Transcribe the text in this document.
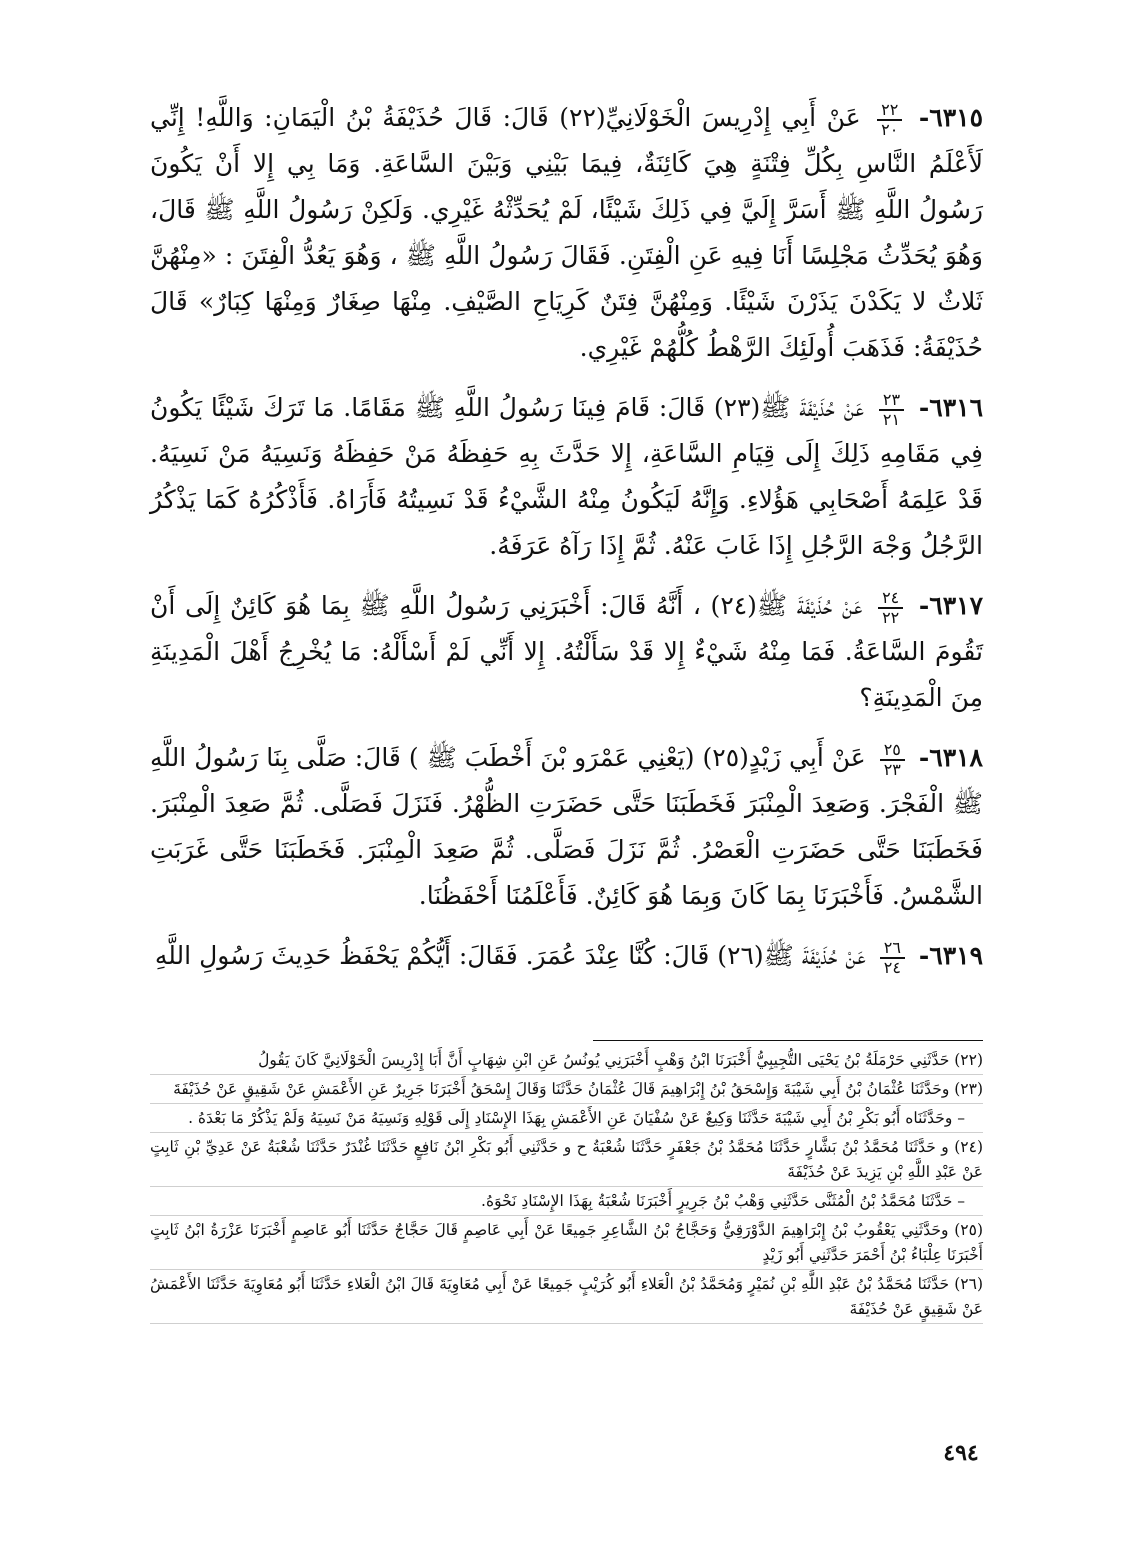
٦٣١٥-
$\frac{٢٢}{٢٠}$
عَنْ أَبِي إِدْرِيسَ الْخَوْلَانِيِّ(٢٢) قَالَ: قَالَ حُذَيْفَةُ بْنُ الْيَمَانِ: وَاللَّهِ! إِنِّي لَأَعْلَمُ النَّاسِ بِكُلِّ فِتْنَةٍ هِيَ كَائِنَةٌ، فِيمَا بَيْنِي وَبَيْنَ السَّاعَةِ. وَمَا بِي إِلا أَنْ يَكُونَ رَسُولُ اللَّهِ ﷺ أَسَرَّ إِلَيَّ فِي ذَلِكَ شَيْئًا، لَمْ يُحَدِّثْهُ غَيْرِي. وَلَكِنْ رَسُولُ اللَّهِ ﷺ قَالَ، وَهُوَ يُحَدِّثُ مَجْلِسًا أَنَا فِيهِ عَنِ الْفِتَنِ. فَقَالَ رَسُولُ اللَّهِ ﷺ ، وَهُوَ يَعُدُّ الْفِتَنَ : «مِنْهُنَّ ثَلاثٌ لا يَكَدْنَ يَذَرْنَ شَيْئًا. وَمِنْهُنَّ فِتَنٌ كَرِيَاحِ الصَّيْفِ. مِنْهَا صِغَارٌ وَمِنْهَا كِبَارٌ» قَالَ حُذَيْفَةُ: فَذَهَبَ أُولَئِكَ الرَّهْطُ كُلُّهُمْ غَيْرِي.

٦٣١٦-
$\frac{٢٣}{٢١}$
عَنْ حُذَيْفَةَ ﷺ(٢٣) قَالَ: قَامَ فِينَا رَسُولُ اللَّهِ ﷺ مَقَامًا. مَا تَرَكَ شَيْئًا يَكُونُ فِي مَقَامِهِ ذَلِكَ إِلَى قِيَامِ السَّاعَةِ، إِلا حَدَّثَ بِهِ حَفِظَهُ مَنْ حَفِظَهُ وَنَسِيَهُ مَنْ نَسِيَهُ. قَدْ عَلِمَهُ أَصْحَابِي هَؤُلاءِ. وَإِنَّهُ لَيَكُونُ مِنْهُ الشَّيْءُ قَدْ نَسِيتُهُ فَأَرَاهُ. فَأَذْكُرُهُ كَمَا يَذْكُرُ الرَّجُلُ وَجْهَ الرَّجُلِ إِذَا غَابَ عَنْهُ. ثُمَّ إِذَا رَآهُ عَرَفَهُ.

٦٣١٧-
$\frac{٢٤}{٢٢}$
عَنْ حُذَيْفَةَ ﷺ(٢٤) ، أَنَّهُ قَالَ: أَخْبَرَنِي رَسُولُ اللَّهِ ﷺ بِمَا هُوَ كَائِنٌ إِلَى أَنْ تَقُومَ السَّاعَةُ. فَمَا مِنْهُ شَيْءٌ إِلا قَدْ سَأَلْتُهُ. إِلا أَنِّي لَمْ أَسْأَلْهُ: مَا يُخْرِجُ أَهْلَ الْمَدِينَةِ مِنَ الْمَدِينَةِ؟

٦٣١٨-
$\frac{٢٥}{٢٣}$
عَنْ أَبِي زَيْدٍ(٢٥) (يَعْنِي عَمْرَو بْنَ أَخْطَبَ ﷺ ) قَالَ: صَلَّى بِنَا رَسُولُ اللَّهِ ﷺ الْفَجْرَ. وَصَعِدَ الْمِنْبَرَ فَخَطَبَنَا حَتَّى حَضَرَتِ الظُّهْرُ. فَنَزَلَ فَصَلَّى. ثُمَّ صَعِدَ الْمِنْبَرَ. فَخَطَبَنَا حَتَّى حَضَرَتِ الْعَصْرُ. ثُمَّ نَزَلَ فَصَلَّى. ثُمَّ صَعِدَ الْمِنْبَرَ. فَخَطَبَنَا حَتَّى غَرَبَتِ الشَّمْسُ. فَأَخْبَرَنَا بِمَا كَانَ وَبِمَا هُوَ كَائِنٌ. فَأَعْلَمُنَا أَحْفَظُنَا.

٦٣١٩-
$\frac{٢٦}{٢٤}$
عَنْ حُذَيْفَةَ ﷺ(٢٦) قَالَ: كُنَّا عِنْدَ عُمَرَ. فَقَالَ: أَيُّكُمْ يَحْفَظُ حَدِيثَ رَسُولِ اللَّهِ

(٢٢) حَدَّثَنِي حَرْمَلَةُ بْنُ يَحْيَى التُّجِيبِيُّ أَخْبَرَنَا ابْنُ وَهْبٍ أَخْبَرَنِي يُونُسُ عَنِ ابْنِ شِهَابٍ أَنَّ أَبَا إِدْرِيسَ الْخَوْلَانِيَّ كَانَ يَقُولُ

(٢٣) وحَدَّثَنَا عُثْمَانُ بْنُ أَبِي شَيْبَةَ وَإِسْحَقُ بْنُ إِبْرَاهِيمَ قَالَ عُثْمَانُ حَدَّثَنَا وَقَالَ إِسْحَقُ أَخْبَرَنَا جَرِيرٌ عَنِ الأَعْمَشِ عَنْ شَقِيقٍ عَنْ حُذَيْفَةَ

– وحَدَّثَنَاه أَبُو بَكْرِ بْنُ أَبِي شَيْبَةَ حَدَّثَنَا وَكِيعٌ عَنْ سُفْيَانَ عَنِ الأَعْمَشِ بِهَذَا الإِسْنَادِ إِلَى قَوْلِهِ وَنَسِيَهُ مَنْ نَسِيَهُ وَلَمْ يَذْكُرْ مَا بَعْدَهُ .

(٢٤) و حَدَّثَنَا مُحَمَّدُ بْنُ بَشَّارٍ حَدَّثَنَا مُحَمَّدُ بْنُ جَعْفَرٍ حَدَّثَنَا شُعْبَةُ ح و حَدَّثَنِي أَبُو بَكْرِ ابْنُ نَافِعٍ حَدَّثَنَا غُنْدَرٌ حَدَّثَنَا شُعْبَةُ عَنْ عَدِيِّ بْنِ ثَابِتٍ عَنْ عَبْدِ اللَّهِ بْنِ يَزِيدَ عَنْ حُذَيْفَةَ

– حَدَّثَنَا مُحَمَّدُ بْنُ الْمُثَنَّى حَدَّثَنِي وَهْبُ بْنُ جَرِيرٍ أَخْبَرَنَا شُعْبَةُ بِهَذَا الإِسْنَادِ نَحْوَهُ.

(٢٥) وحَدَّثَنِي يَعْقُوبُ بْنُ إِبْرَاهِيمَ الدَّوْرَقِيُّ وَحَجَّاجُ بْنُ الشَّاعِرِ جَمِيعًا عَنْ أَبِي عَاصِمٍ قَالَ حَجَّاجٌ حَدَّثَنَا أَبُو عَاصِمٍ أَخْبَرَنَا عَزْرَةُ ابْنُ ثَابِتٍ أَخْبَرَنَا عِلْبَاءُ بْنُ أَحْمَرَ حَدَّثَنِي أَبُو زَيْدٍ

(٢٦) حَدَّثَنَا مُحَمَّدُ بْنُ عَبْدِ اللَّهِ بْنِ نُمَيْرٍ وَمُحَمَّدُ بْنُ الْعَلاءِ أَبُو كُرَيْبٍ جَمِيعًا عَنْ أَبِي مُعَاوِيَةَ قَالَ ابْنُ الْعَلاءِ حَدَّثَنَا أَبُو مُعَاوِيَةَ حَدَّثَنَا الأَعْمَشُ عَنْ شَقِيقٍ عَنْ حُذَيْفَةَ

٤٩٤
